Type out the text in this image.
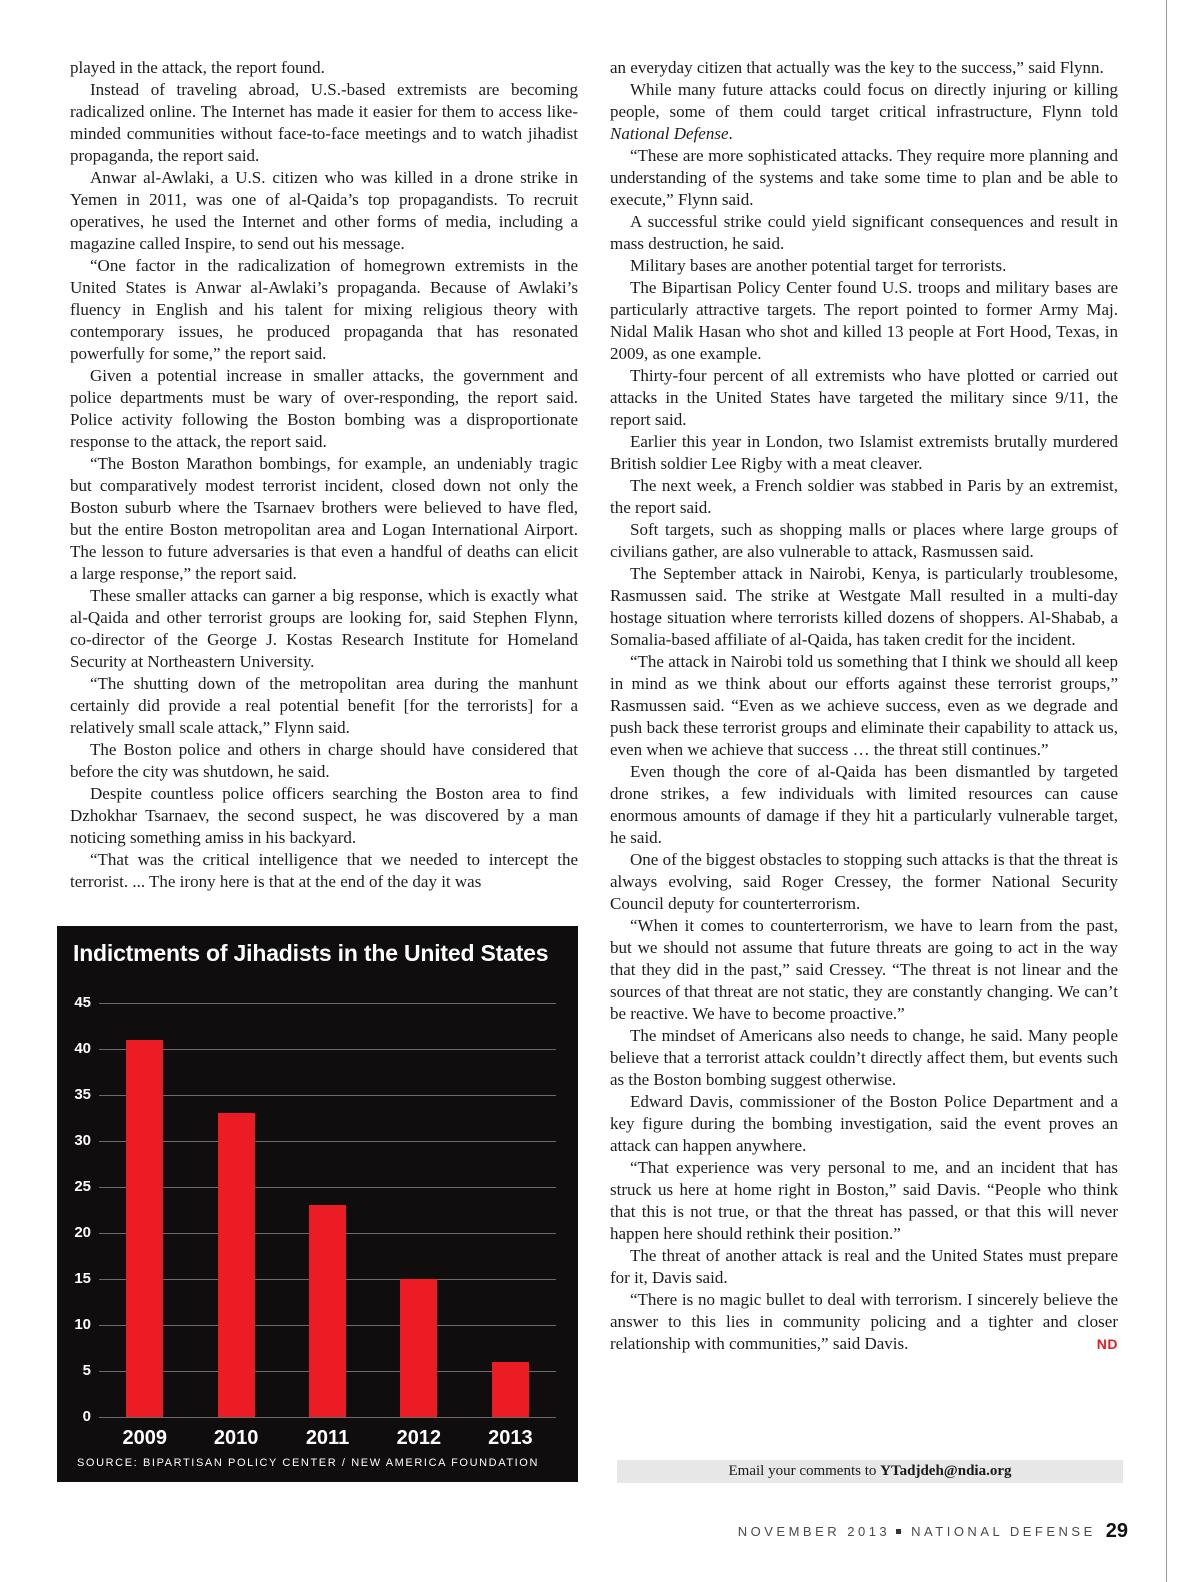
played in the attack, the report found.

Instead of traveling abroad, U.S.-based extremists are becoming radicalized online. The Internet has made it easier for them to access like-minded communities without face-to-face meetings and to watch jihadist propaganda, the report said.

Anwar al-Awlaki, a U.S. citizen who was killed in a drone strike in Yemen in 2011, was one of al-Qaida’s top propagandists. To recruit operatives, he used the Internet and other forms of media, including a magazine called Inspire, to send out his message.

“One factor in the radicalization of homegrown extremists in the United States is Anwar al-Awlaki’s propaganda. Because of Awlaki’s fluency in English and his talent for mixing religious theory with contemporary issues, he produced propaganda that has resonated powerfully for some,” the report said.

Given a potential increase in smaller attacks, the government and police departments must be wary of over-responding, the report said. Police activity following the Boston bombing was a disproportionate response to the attack, the report said.

“The Boston Marathon bombings, for example, an undeniably tragic but comparatively modest terrorist incident, closed down not only the Boston suburb where the Tsarnaev brothers were believed to have fled, but the entire Boston metropolitan area and Logan International Airport. The lesson to future adversaries is that even a handful of deaths can elicit a large response,” the report said.

These smaller attacks can garner a big response, which is exactly what al-Qaida and other terrorist groups are looking for, said Stephen Flynn, co-director of the George J. Kostas Research Institute for Homeland Security at Northeastern University.

“The shutting down of the metropolitan area during the manhunt certainly did provide a real potential benefit [for the terrorists] for a relatively small scale attack,” Flynn said.

The Boston police and others in charge should have considered that before the city was shutdown, he said.

Despite countless police officers searching the Boston area to find Dzhokhar Tsarnaev, the second suspect, he was discovered by a man noticing something amiss in his backyard.

“That was the critical intelligence that we needed to intercept the terrorist. ... The irony here is that at the end of the day it was

an everyday citizen that actually was the key to the success,” said Flynn.

While many future attacks could focus on directly injuring or killing people, some of them could target critical infrastructure, Flynn told National Defense.

“These are more sophisticated attacks. They require more planning and understanding of the systems and take some time to plan and be able to execute,” Flynn said.

A successful strike could yield significant consequences and result in mass destruction, he said.

Military bases are another potential target for terrorists.

The Bipartisan Policy Center found U.S. troops and military bases are particularly attractive targets. The report pointed to former Army Maj. Nidal Malik Hasan who shot and killed 13 people at Fort Hood, Texas, in 2009, as one example.

Thirty-four percent of all extremists who have plotted or carried out attacks in the United States have targeted the military since 9/11, the report said.

Earlier this year in London, two Islamist extremists brutally murdered British soldier Lee Rigby with a meat cleaver.

The next week, a French soldier was stabbed in Paris by an extremist, the report said.

Soft targets, such as shopping malls or places where large groups of civilians gather, are also vulnerable to attack, Rasmussen said.

The September attack in Nairobi, Kenya, is particularly troublesome, Rasmussen said. The strike at Westgate Mall resulted in a multi-day hostage situation where terrorists killed dozens of shoppers. Al-Shabab, a Somalia-based affiliate of al-Qaida, has taken credit for the incident.

“The attack in Nairobi told us something that I think we should all keep in mind as we think about our efforts against these terrorist groups,” Rasmussen said. “Even as we achieve success, even as we degrade and push back these terrorist groups and eliminate their capability to attack us, even when we achieve that success … the threat still continues.”

Even though the core of al-Qaida has been dismantled by targeted drone strikes, a few individuals with limited resources can cause enormous amounts of damage if they hit a particularly vulnerable target, he said.

One of the biggest obstacles to stopping such attacks is that the threat is always evolving, said Roger Cressey, the former National Security Council deputy for counterterrorism.

“When it comes to counterterrorism, we have to learn from the past, but we should not assume that future threats are going to act in the way that they did in the past,” said Cressey. “The threat is not linear and the sources of that threat are not static, they are constantly changing. We can’t be reactive. We have to become proactive.”

The mindset of Americans also needs to change, he said. Many people believe that a terrorist attack couldn’t directly affect them, but events such as the Boston bombing suggest otherwise.

Edward Davis, commissioner of the Boston Police Department and a key figure during the bombing investigation, said the event proves an attack can happen anywhere.

“That experience was very personal to me, and an incident that has struck us here at home right in Boston,” said Davis. “People who think that this is not true, or that the threat has passed, or that this will never happen here should rethink their position.”

The threat of another attack is real and the United States must prepare for it, Davis said.

“There is no magic bullet to deal with terrorism. I sincerely believe the answer to this lies in community policing and a tighter and closer relationship with communities,” said Davis.	ND

Indictments of Jihadists in the United States
45
40
35
30
25
20
15
10
5
0
2009	2010	2011	2012	2013
SOURCE: BIPARTISAN POLICY CENTER / NEW AMERICA FOUNDATION	Email your comments to YTadjdeh@ndia.org
NOVEMBER 2013 NATIONAL DEFENSE 29
